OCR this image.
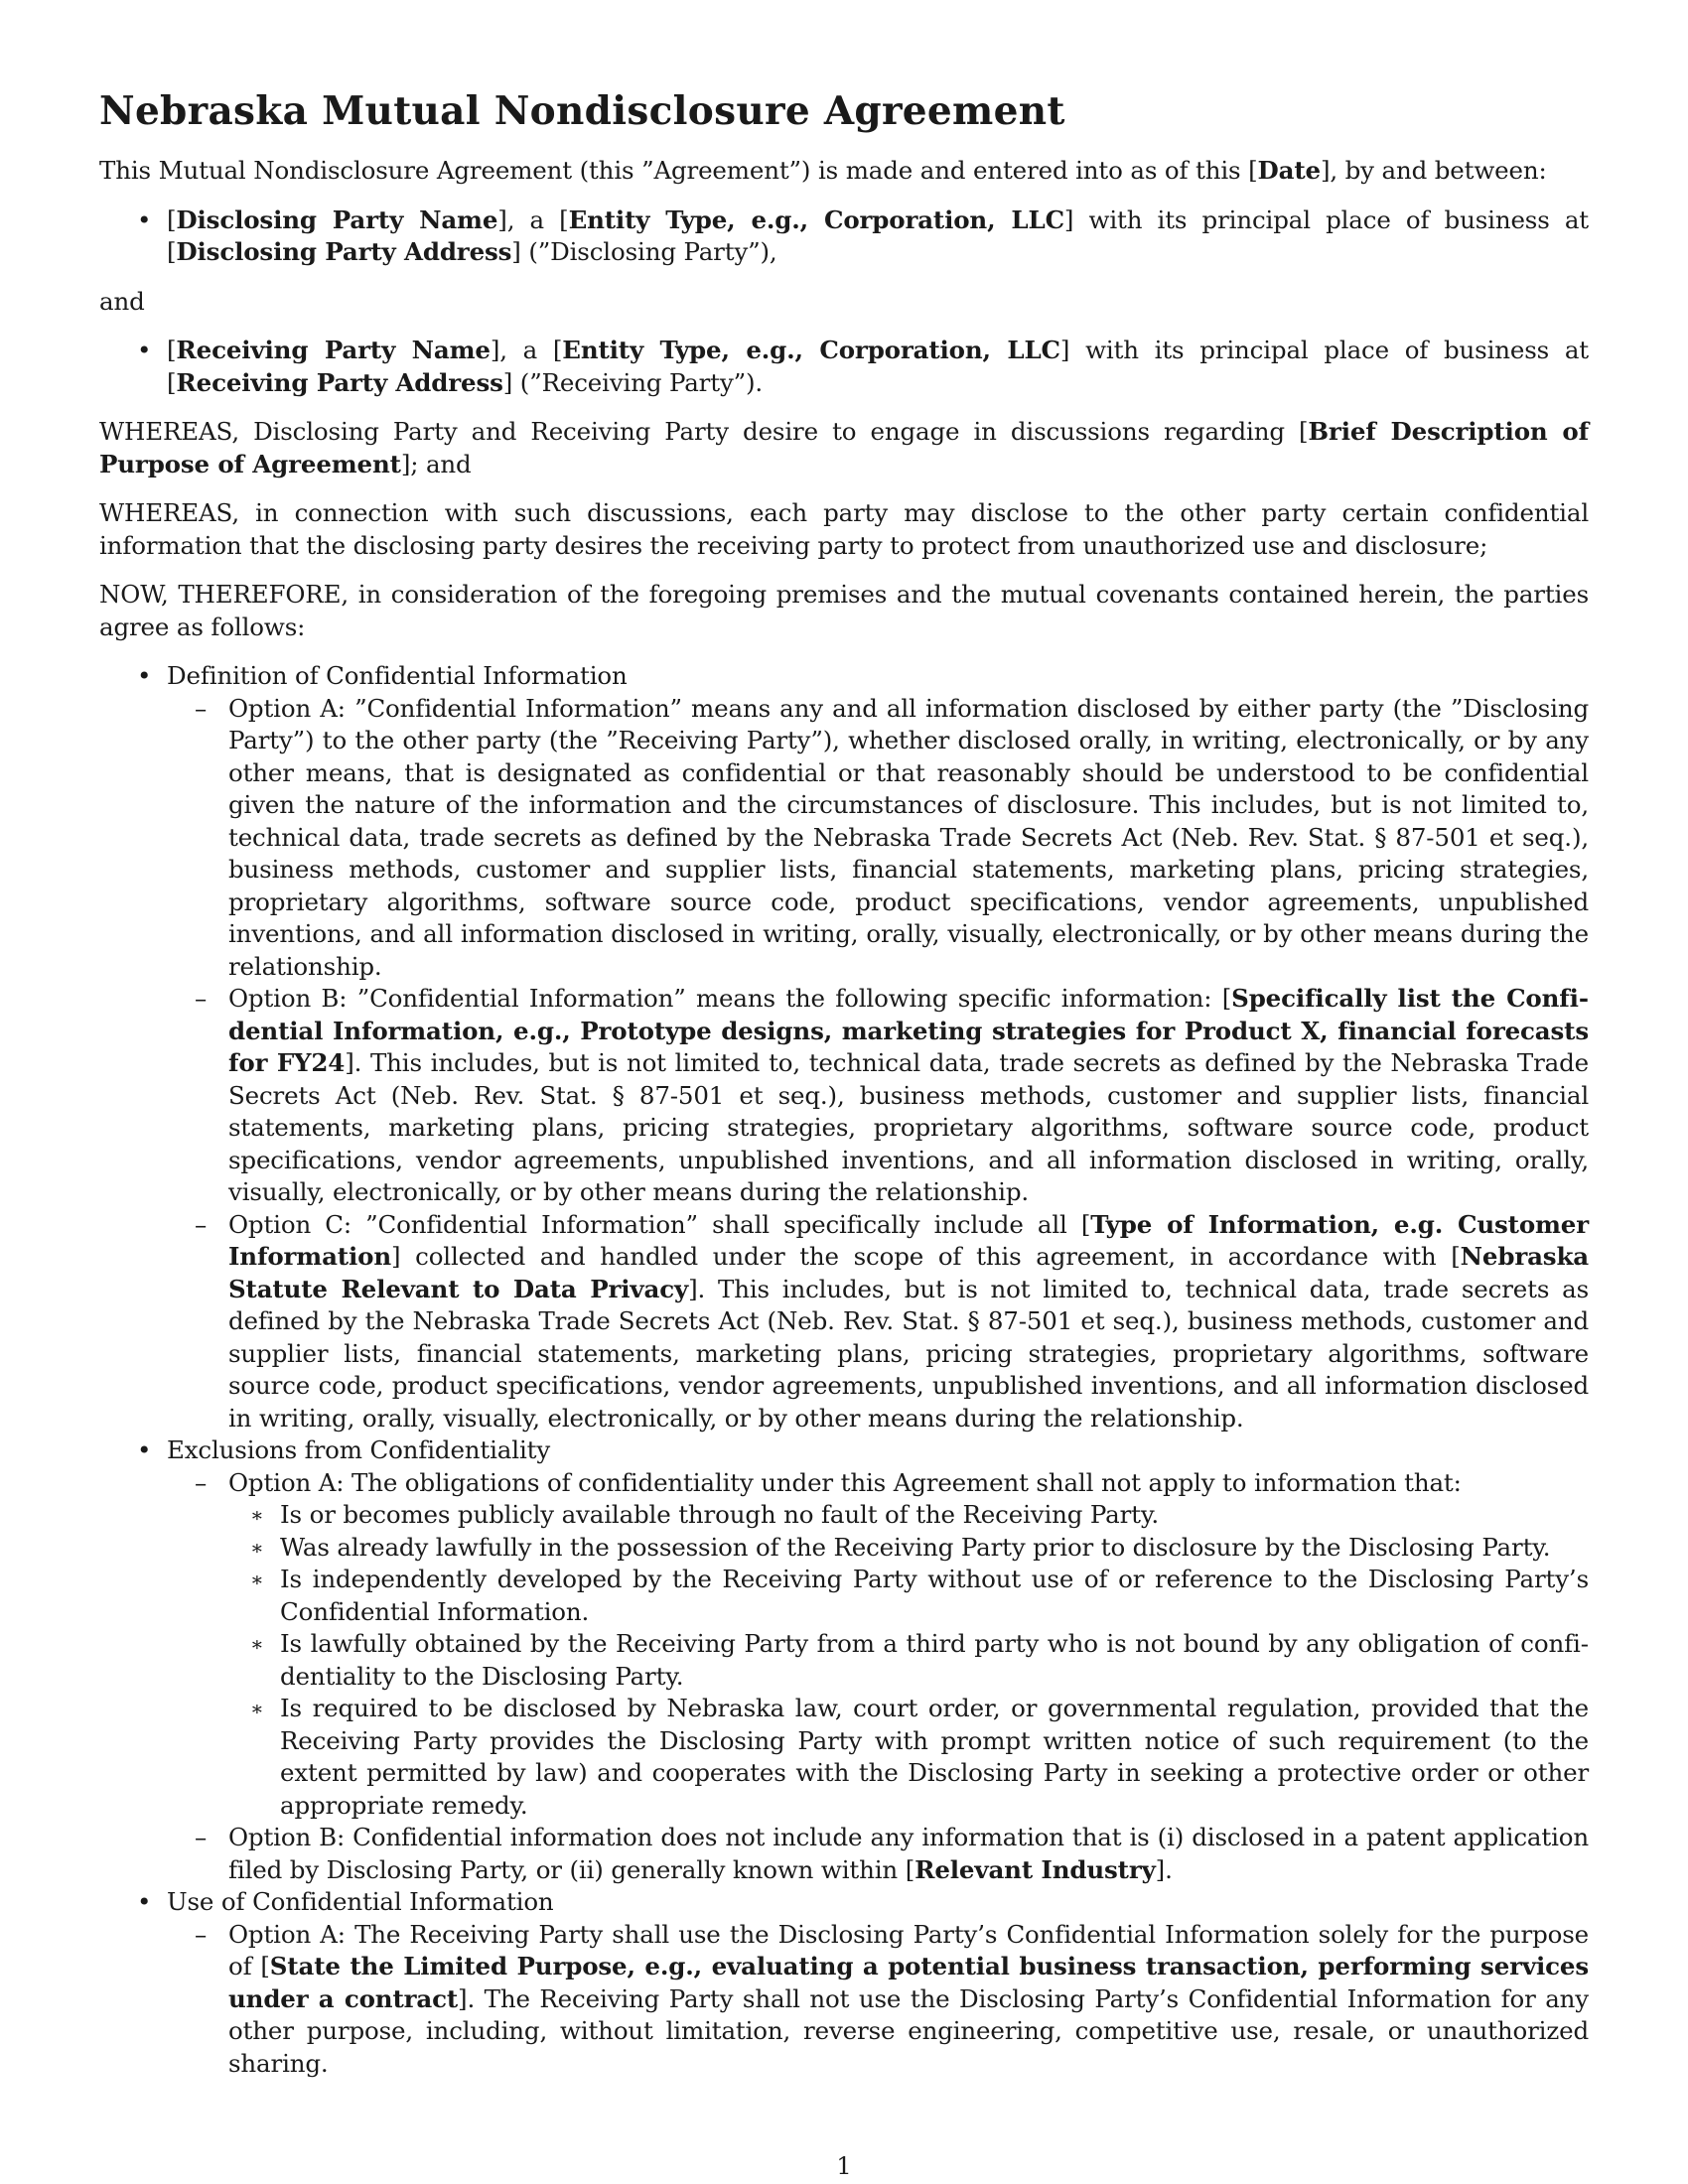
Nebraska Mutual Nondisclosure Agreement

This Mutual Nondisclosure Agreement (this ”Agreement”) is made and entered into as of this [Date], by and between:

• [Disclosing Party Name], a [Entity Type, e.g., Corporation, LLC] with its principal place of business at [Disclosing Party Address] (”Disclosing Party”),

and

• [Receiving Party Name], a [Entity Type, e.g., Corporation, LLC] with its principal place of business at [Receiving Party Address] (”Receiving Party”).

WHEREAS, Disclosing Party and Receiving Party desire to engage in discussions regarding [Brief Description of Purpose of Agreement]; and

WHEREAS, in connection with such discussions, each party may disclose to the other party certain confidential information that the disclosing party desires the receiving party to protect from unauthorized use and disclosure;

NOW, THEREFORE, in consideration of the foregoing premises and the mutual covenants contained herein, the parties agree as follows:

• Definition of Confidential Information
– Option A: ”Confidential Information” means any and all information disclosed by either party (the ”Disclosing Party”) to the other party (the ”Receiving Party”), whether disclosed orally, in writing, electronically, or by any other means, that is designated as confidential or that reasonably should be understood to be confidential given the nature of the information and the circumstances of disclosure. This includes, but is not limited to, technical data, trade secrets as defined by the Nebraska Trade Secrets Act (Neb. Rev. Stat. § 87-501 et seq.), business methods, customer and supplier lists, financial statements, marketing plans, pricing strategies, proprietary algorithms, software source code, product specifications, vendor agreements, unpublished inventions, and all information disclosed in writing, orally, visually, electronically, or by other means during the relationship.
– Option B: ”Confidential Information” means the following specific information: [Specifically list the Confidential Information, e.g., Prototype designs, marketing strategies for Product X, financial forecasts for FY24]. This includes, but is not limited to, technical data, trade secrets as defined by the Nebraska Trade Secrets Act (Neb. Rev. Stat. § 87-501 et seq.), business methods, customer and supplier lists, financial statements, marketing plans, pricing strategies, proprietary algorithms, software source code, product specifications, vendor agreements, unpublished inventions, and all information disclosed in writing, orally, visually, electronically, or by other means during the relationship.
– Option C: ”Confidential Information” shall specifically include all [Type of Information, e.g. Customer Information] collected and handled under the scope of this agreement, in accordance with [Nebraska Statute Relevant to Data Privacy]. This includes, but is not limited to, technical data, trade secrets as defined by the Nebraska Trade Secrets Act (Neb. Rev. Stat. § 87-501 et seq.), business methods, customer and supplier lists, financial statements, marketing plans, pricing strategies, proprietary algorithms, software source code, product specifications, vendor agreements, unpublished inventions, and all information disclosed in writing, orally, visually, electronically, or by other means during the relationship.
• Exclusions from Confidentiality
– Option A: The obligations of confidentiality under this Agreement shall not apply to information that:
∗ Is or becomes publicly available through no fault of the Receiving Party.
∗ Was already lawfully in the possession of the Receiving Party prior to disclosure by the Disclosing Party.
∗ Is independently developed by the Receiving Party without use of or reference to the Disclosing Party’s Confidential Information.
∗ Is lawfully obtained by the Receiving Party from a third party who is not bound by any obligation of confidentiality to the Disclosing Party.
∗ Is required to be disclosed by Nebraska law, court order, or governmental regulation, provided that the Receiving Party provides the Disclosing Party with prompt written notice of such requirement (to the extent permitted by law) and cooperates with the Disclosing Party in seeking a protective order or other appropriate remedy.
– Option B: Confidential information does not include any information that is (i) disclosed in a patent application filed by Disclosing Party, or (ii) generally known within [Relevant Industry].
• Use of Confidential Information
– Option A: The Receiving Party shall use the Disclosing Party’s Confidential Information solely for the purpose of [State the Limited Purpose, e.g., evaluating a potential business transaction, performing services under a contract]. The Receiving Party shall not use the Disclosing Party’s Confidential Information for any other purpose, including, without limitation, reverse engineering, competitive use, resale, or unauthorized sharing.
1
